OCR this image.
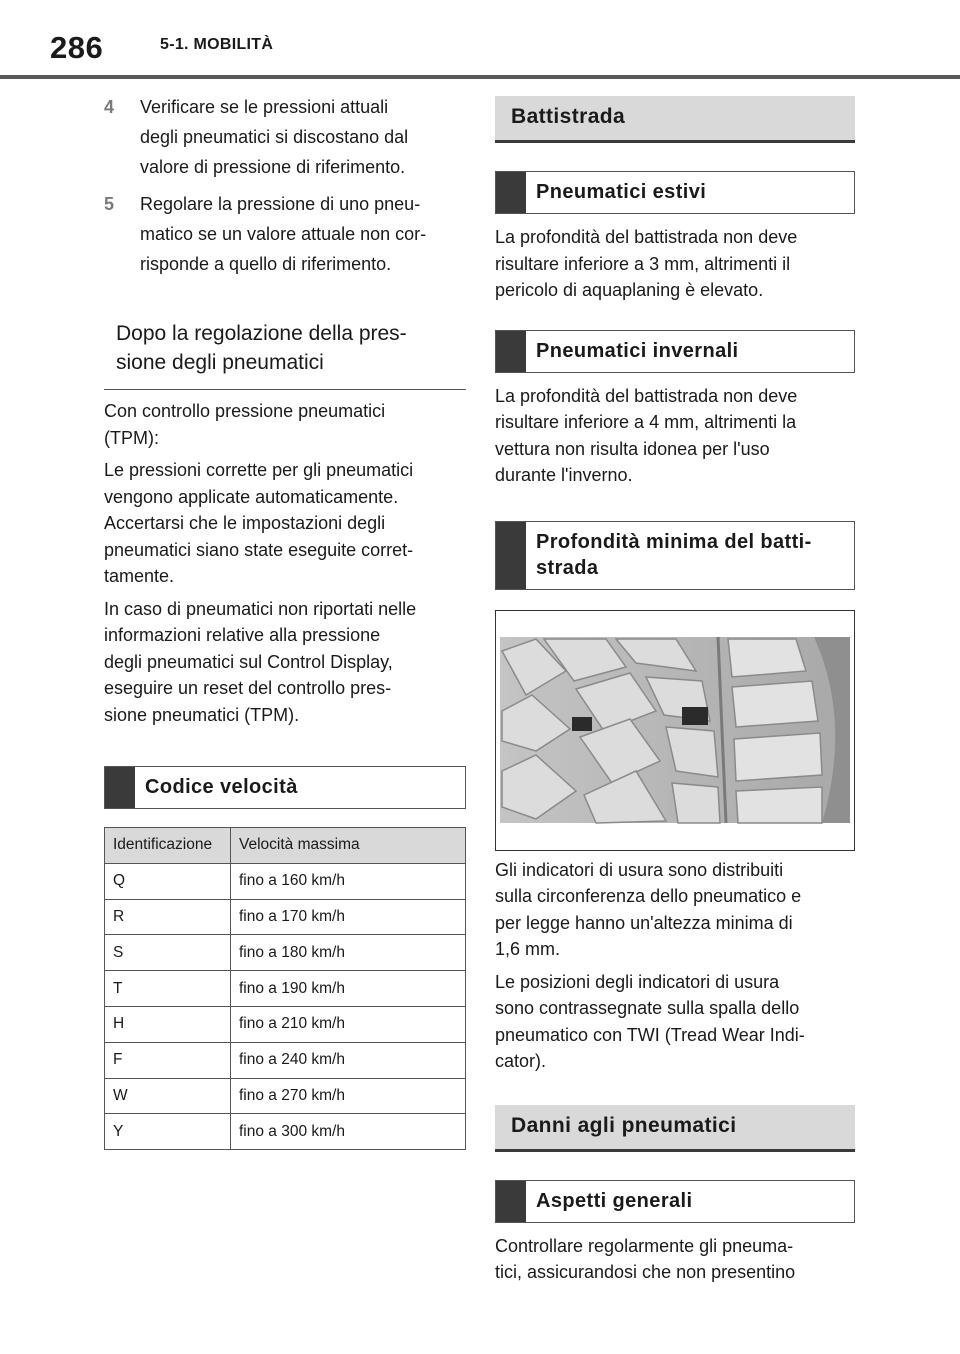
286	5-1. MOBILITÀ
4 Verificare se le pressioni attuali
degli pneumatici si discostano dal
valore di pressione di riferimento.
5 Regolare la pressione di uno pneu-
matico se un valore attuale non cor-
risponde a quello di riferimento.
Dopo la regolazione della pres-
sione degli pneumatici
Con controllo pressione pneumatici
(TPM):
Le pressioni corrette per gli pneumatici
vengono applicate automaticamente.
Accertarsi che le impostazioni degli
pneumatici siano state eseguite corret-
tamente.
In caso di pneumatici non riportati nelle
informazioni relative alla pressione
degli pneumatici sul Control Display,
eseguire un reset del controllo pres-
sione pneumatici (TPM).
Codice velocità
Identificazione	Velocità massima
Q	fino a 160 km/h
R	fino a 170 km/h
S	fino a 180 km/h
T	fino a 190 km/h
H	fino a 210 km/h
F	fino a 240 km/h
W	fino a 270 km/h
Y	fino a 300 km/h
Battistrada
Pneumatici estivi
La profondità del battistrada non deve
risultare inferiore a 3 mm, altrimenti il
pericolo di aquaplaning è elevato.
Pneumatici invernali
La profondità del battistrada non deve
risultare inferiore a 4 mm, altrimenti la
vettura non risulta idonea per l'uso
durante l'inverno.
Profondità minima del batti-
strada
Gli indicatori di usura sono distribuiti
sulla circonferenza dello pneumatico e
per legge hanno un'altezza minima di
1,6 mm.
Le posizioni degli indicatori di usura
sono contrassegnate sulla spalla dello
pneumatico con TWI (Tread Wear Indi-
cator).
Danni agli pneumatici
Aspetti generali
Controllare regolarmente gli pneuma-
tici, assicurandosi che non presentino
